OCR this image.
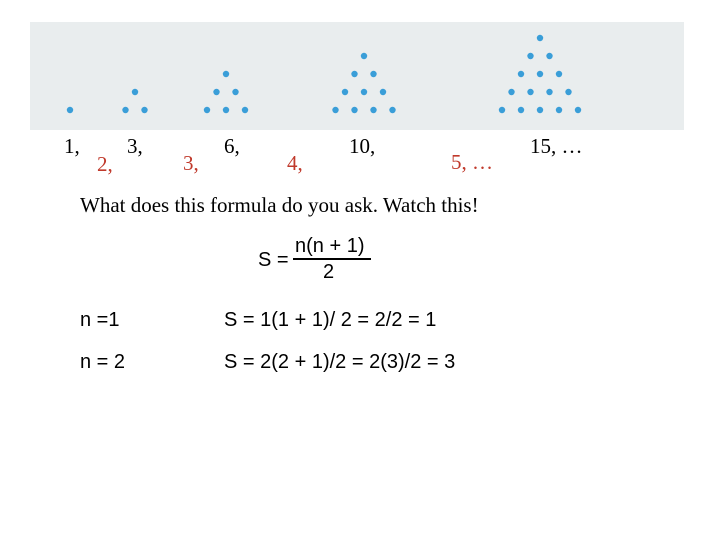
1, 3,	6,	10,	15, …
2,	3,	4,	5, …
What does this formula do you ask. Watch this!
S =
n(n + 1)
2
n =1	S = 1(1 + 1)/ 2 = 2/2 = 1
n = 2	S = 2(2 + 1)/2 = 2(3)/2 = 3
